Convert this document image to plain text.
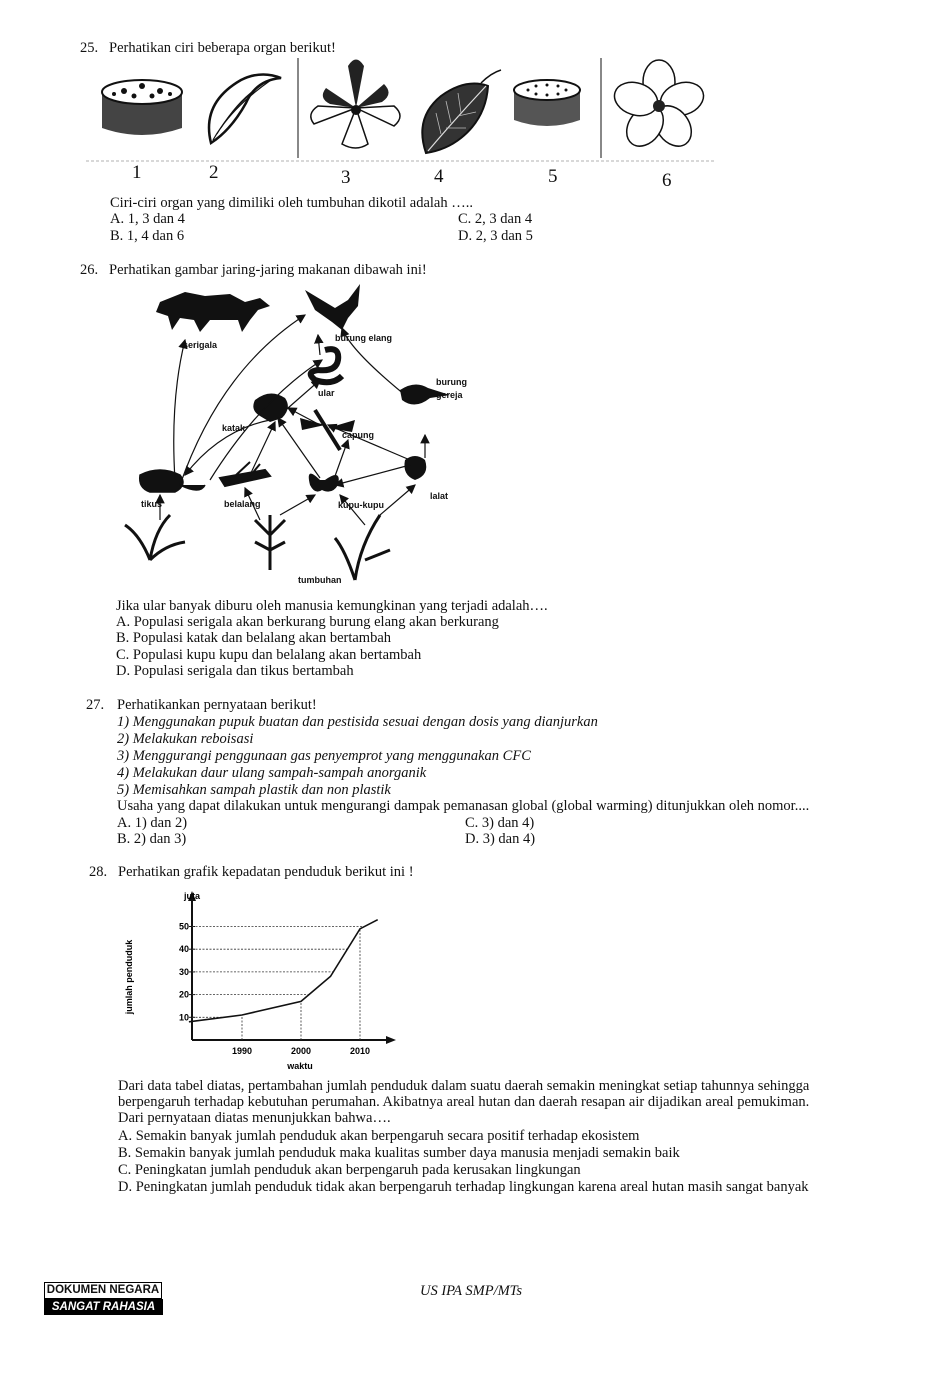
25. Perhatikan ciri beberapa organ berikut!
1	2	3	4	5	6
Ciri-ciri organ yang dimiliki oleh tumbuhan dikotil adalah …..
A. 1, 3 dan 4	C. 2, 3 dan 4
B. 1, 4 dan 6	D. 2, 3 dan 5
26. Perhatikan gambar jaring-jaring makanan dibawah ini!
serigala
burung elang
ular
burung
gereja
katak
capung
tikus	belalang	kupu-kupu
lalat
tumbuhan
Jika ular banyak diburu oleh manusia kemungkinan yang terjadi adalah….
A. Populasi serigala akan berkurang burung elang akan berkurang
B. Populasi katak dan belalang akan bertambah
C. Populasi kupu kupu dan belalang akan bertambah
D. Populasi serigala dan tikus bertambah
27. Perhatikankan pernyataan berikut!
1) Menggunakan pupuk buatan dan pestisida sesuai dengan dosis yang dianjurkan
2) Melakukan reboisasi
3) Menggurangi penggunaan gas penyemprot yang menggunakan CFC
4) Melakukan daur ulang sampah-sampah anorganik
5) Memisahkan sampah plastik dan non plastik
Usaha yang dapat dilakukan untuk mengurangi dampak pemanasan global (global warming) ditunjukkan oleh nomor....
A. 1) dan 2)	C. 3) dan 4)
B. 2) dan 3)	D. 3) dan 4)
28. Perhatikan grafik kepadatan penduduk berikut ini !
juta
jumlah penduduk
waktu
10
20
30
40
50
1990	2000	2010
Dari data tabel diatas, pertambahan jumlah penduduk dalam suatu daerah semakin meningkat setiap tahunnya sehingga
berpengaruh terhadap kebutuhan perumahan. Akibatnya areal hutan dan daerah resapan air dijadikan areal pemukiman.
Dari pernyataan diatas menunjukkan bahwa….
A. Semakin banyak jumlah penduduk akan berpengaruh secara positif terhadap ekosistem
B. Semakin banyak jumlah penduduk maka kualitas sumber daya manusia menjadi semakin baik
C. Peningkatan jumlah penduduk akan berpengaruh pada kerusakan lingkungan
D. Peningkatan jumlah penduduk tidak akan berpengaruh terhadap lingkungan karena areal hutan masih sangat banyak
DOKUMEN NEGARA
SANGAT RAHASIA
US IPA SMP/MTs
